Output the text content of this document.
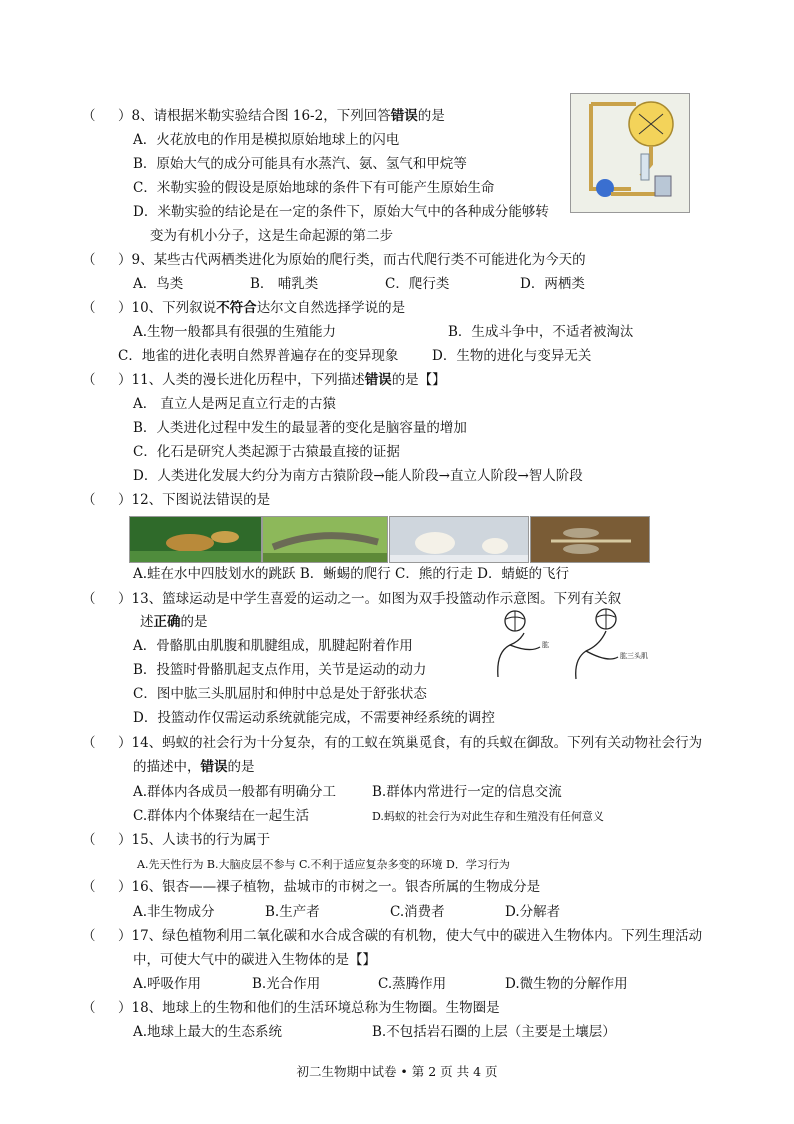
（ ）8、请根据米勒实验结合图 16-2，下列回答错误的是
A．火花放电的作用是模拟原始地球上的闪电
B．原始大气的成分可能具有水蒸汽、氨、氢气和甲烷等
C．米勒实验的假设是原始地球的条件下有可能产生原始生命
D．米勒实验的结论是在一定的条件下，原始大气中的各种成分能够转
变为有机小分子，这是生命起源的第二步
（ ）9、某些古代两栖类进化为原始的爬行类，而古代爬行类不可能进化为今天的
A．鸟类	B． 哺乳类	C．爬行类	D．两栖类
（ ）10、下列叙说不符合达尔文自然选择学说的是
A.生物一般都具有很强的生殖能力	B．生成斗争中，不适者被淘汰
C．地雀的进化表明自然界普遍存在的变异现象 D．生物的进化与变异无关
（ ）11、人类的漫长进化历程中，下列描述错误的是【】
A． 直立人是两足直立行走的古猿
B．人类进化过程中发生的最显著的变化是脑容量的增加
C．化石是研究人类起源于古猿最直接的证据
D．人类进化发展大约分为南方古猿阶段→能人阶段→直立人阶段→智人阶段
（ ）12、下图说法错误的是
A.蛙在水中四肢划水的跳跃 B．蜥蜴的爬行 C．熊的行走 D．蜻蜓的飞行
（ ）13、篮球运动是中学生喜爱的运动之一。如图为双手投篮动作示意图。下列有关叙
述正确的是
A．骨骼肌由肌腹和肌腱组成，肌腱起附着作用
B．投篮时骨骼肌起支点作用，关节是运动的动力
C．图中肱三头肌屈肘和伸肘中总是处于舒张状态
D．投篮动作仅需运动系统就能完成，不需要神经系统的调控
肱
肱三头肌
（ ）14、蚂蚁的社会行为十分复杂，有的工蚁在筑巢觅食，有的兵蚁在御敌。下列有关动物社会行为
的描述中，错误的是
A.群体内各成员一般都有明确分工	B.群体内常进行一定的信息交流
C.群体内个体聚结在一起生活	D.蚂蚁的社会行为对此生存和生殖没有任何意义
（ ）15、人读书的行为属于
A.先天性行为 B.大脑皮层不参与 C.不利于适应复杂多变的环境 D．学习行为
（ ）16、银杏——裸子植物，盐城市的市树之一。银杏所属的生物成分是
A.非生物成分	B.生产者	C.消费者	D.分解者
（ ）17、绿色植物利用二氧化碳和水合成含碳的有机物，使大气中的碳进入生物体内。下列生理活动
中，可使大气中的碳进入生物体的是【】
A.呼吸作用	B.光合作用	C.蒸腾作用	D.微生物的分解作用
（ ）18、地球上的生物和他们的生活环境总称为生物圈。生物圈是
A.地球上最大的生态系统	B.不包括岩石圈的上层（主要是土壤层）
初二生物期中试卷 • 第 2 页 共 4 页
